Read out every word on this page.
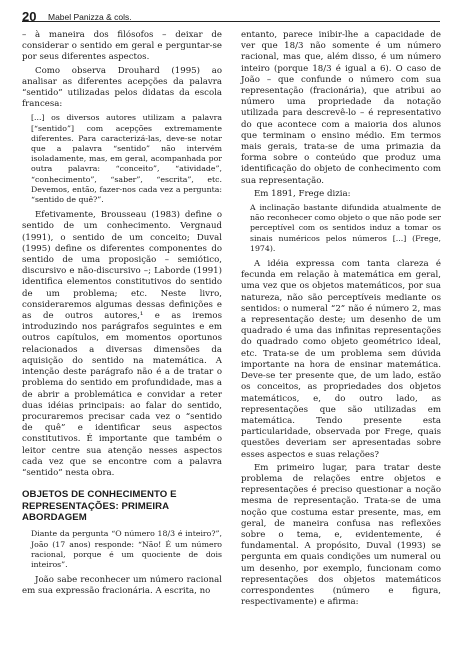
20 Mabel Panizza & cols.

– à maneira dos filósofos – deixar de considerar o sentido em geral e perguntar-se por seus diferentes aspectos.

Como observa Drouhard (1995) ao analisar as diferentes acepções da palavra “sentido” utilizadas pelos didatas da escola francesa:

[...] os diversos autores utilizam a palavra [“sentido”] com acepções extremamente diferentes. Para caracterizá-las, deve-se notar que a palavra “sentido” não intervém isoladamente, mas, em geral, acompanhada por outra palavra: “conceito”, “atividade”, “conhecimento”, “saber”, “escrita”, etc. Devemos, então, fazer-nos cada vez a pergunta: “sentido de quê?”.

Efetivamente, Brousseau (1983) define o sentido de um conhecimento. Vergnaud (1991), o sentido de um conceito; Duval (1995) define os diferentes componentes do sentido de uma proposição – semiótico, discursivo e não-discursivo –; Laborde (1991) identifica elementos constitutivos do sentido de um problema; etc. Neste livro, consideraremos algumas dessas definições e as de outros autores,¹ e as iremos introduzindo nos parágrafos seguintes e em outros capítulos, em momentos oportunos relacionados a diversas dimensões da aquisição do sentido na matemática. A intenção deste parágrafo não é a de tratar o problema do sentido em profundidade, mas a de abrir a problemática e convidar a reter duas idéias principais: ao falar do sentido, procuraremos precisar cada vez o “sentido de quê” e identificar seus aspectos constitutivos. É importante que também o leitor centre sua atenção nesses aspectos cada vez que se encontre com a palavra “sentido” nesta obra.

OBJETOS DE CONHECIMENTO E REPRESENTAÇÕES: PRIMEIRA ABORDAGEM

Diante da pergunta “O número 18/3 é inteiro?”, João (17 anos) responde: “Não! É um número racional, porque é um quociente de dois inteiros”.

João sabe reconhecer um número racional em sua expressão fracionária. A escrita, no

entanto, parece inibir-lhe a capacidade de ver que 18/3 não somente é um número racional, mas que, além disso, é um número inteiro (porque 18/3 é igual a 6). O caso de João – que confunde o número com sua representação (fracionária), que atribui ao número uma propriedade da notação utilizada para descrevê-lo – é representativo do que acontece com a maioria dos alunos que terminam o ensino médio. Em termos mais gerais, trata-se de uma primazia da forma sobre o conteúdo que produz uma identificação do objeto de conhecimento com sua representação.

Em 1891, Frege dizia:

A inclinação bastante difundida atualmente de não reconhecer como objeto o que não pode ser perceptível com os sentidos induz a tomar os sinais numéricos pelos números [...] (Frege, 1974).

A idéia expressa com tanta clareza é fecunda em relação à matemática em geral, uma vez que os objetos matemáticos, por sua natureza, não são perceptíveis mediante os sentidos: o numeral “2” não é número 2, mas a representação deste; um desenho de um quadrado é uma das infinitas representações do quadrado como objeto geométrico ideal, etc. Trata-se de um problema sem dúvida importante na hora de ensinar matemática. Deve-se ter presente que, de um lado, estão os conceitos, as propriedades dos objetos matemáticos, e, do outro lado, as representações que são utilizadas em matemática. Tendo presente esta particularidade, observada por Frege, quais questões deveriam ser apresentadas sobre esses aspectos e suas relações?

Em primeiro lugar, para tratar deste problema de relações entre objetos e representações é preciso questionar a noção mesma de representação. Trata-se de uma noção que costuma estar presente, mas, em geral, de maneira confusa nas reflexões sobre o tema, e, evidentemente, é fundamental. A propósito, Duval (1993) se pergunta em quais condições um numeral ou um desenho, por exemplo, funcionam como representações dos objetos matemáticos correspondentes (número e figura, respectivamente) e afirma:
